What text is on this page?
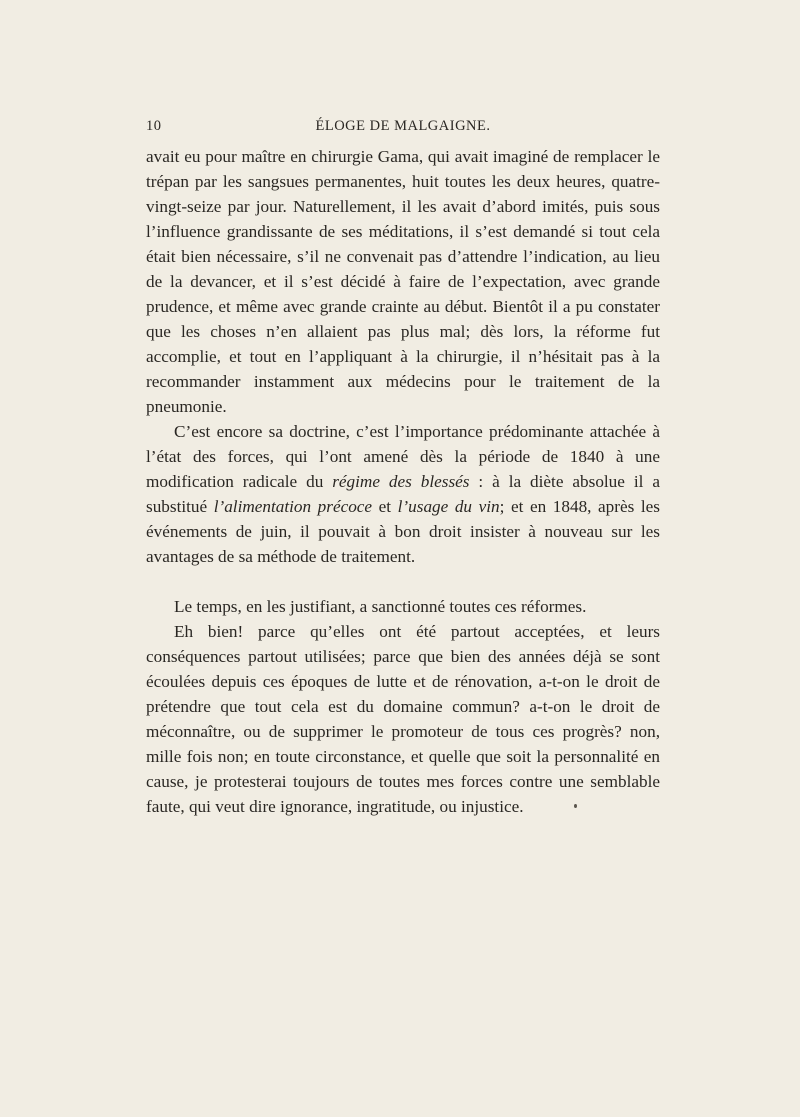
10	ÉLOGE DE MALGAIGNE.

avait eu pour maître en chirurgie Gama, qui avait imaginé de remplacer le trépan par les sangsues permanentes, huit toutes les deux heures, quatre-vingt-seize par jour. Naturellement, il les avait d’abord imités, puis sous l’influence grandissante de ses méditations, il s’est demandé si tout cela était bien nécessaire, s’il ne convenait pas d’attendre l’indication, au lieu de la devancer, et il s’est décidé à faire de l’expectation, avec grande prudence, et même avec grande crainte au début. Bientôt il a pu constater que les choses n’en allaient pas plus mal; dès lors, la réforme fut accomplie, et tout en l’appliquant à la chirurgie, il n’hésitait pas à la recommander instamment aux médecins pour le traitement de la pneumonie.

C’est encore sa doctrine, c’est l’importance prédominante attachée à l’état des forces, qui l’ont amené dès la période de 1840 à une modification radicale du régime des blessés : à la diète absolue il a substitué l’alimentation précoce et l’usage du vin; et en 1848, après les événements de juin, il pouvait à bon droit insister à nouveau sur les avantages de sa méthode de traitement.

Le temps, en les justifiant, a sanctionné toutes ces réformes.

Eh bien! parce qu’elles ont été partout acceptées, et leurs conséquences partout utilisées; parce que bien des années déjà se sont écoulées depuis ces époques de lutte et de rénovation, a-t-on le droit de prétendre que tout cela est du domaine commun? a-t-on le droit de méconnaître, ou de supprimer le promoteur de tous ces progrès? non, mille fois non; en toute circonstance, et quelle que soit la personnalité en cause, je protesterai toujours de toutes mes forces contre une semblable faute, qui veut dire ignorance, ingratitude, ou injustice.
